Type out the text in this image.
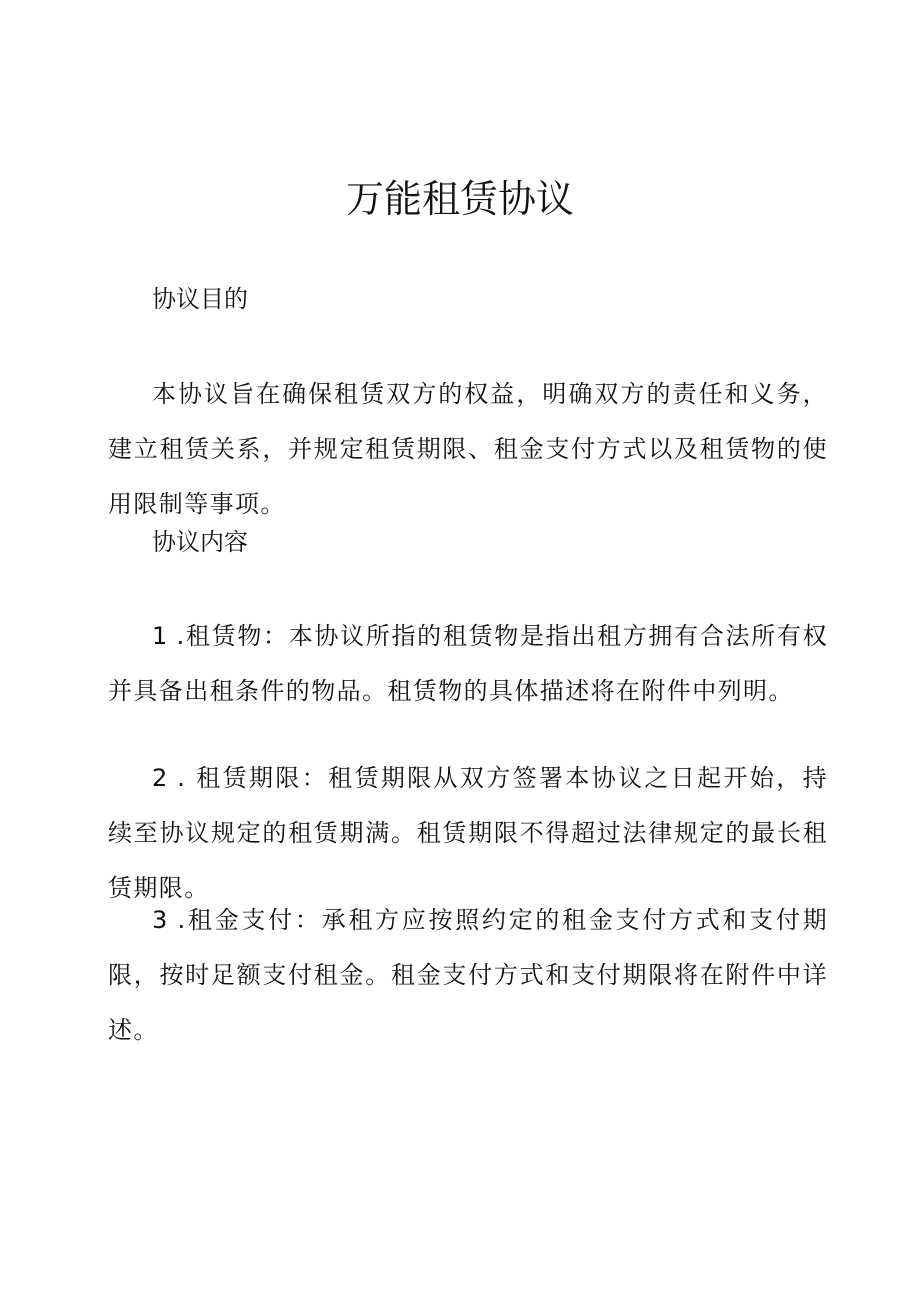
万能租赁协议

协议目的

本协议旨在确保租赁双方的权益，明确双方的责任和义务，建立租赁关系，并规定租赁期限、租金支付方式以及租赁物的使用限制等事项。

协议内容

1 .租赁物：本协议所指的租赁物是指出租方拥有合法所有权并具备出租条件的物品。租赁物的具体描述将在附件中列明。

2 . 租赁期限：租赁期限从双方签署本协议之日起开始，持续至协议规定的租赁期满。租赁期限不得超过法律规定的最长租赁期限。

3 .租金支付：承租方应按照约定的租金支付方式和支付期限，按时足额支付租金。租金支付方式和支付期限将在附件中详述。
